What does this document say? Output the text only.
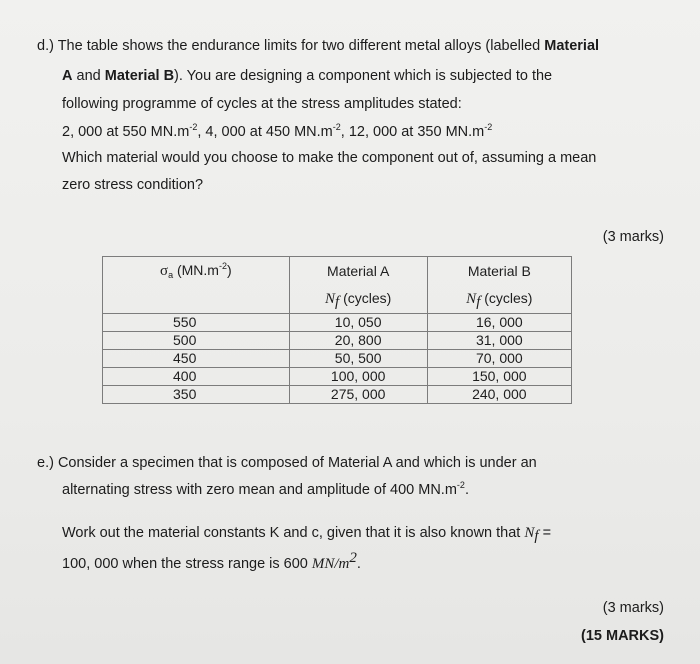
d.) The table shows the endurance limits for two different metal alloys (labelled Material
A and Material B). You are designing a component which is subjected to the
following programme of cycles at the stress amplitudes stated:
2, 000 at 550 $MN.m^{-2}$, 4, 000 at 450 $MN.m^{-2}$, 12, 000 at 350 $MN.m^{-2}$
Which material would you choose to make the component out of, assuming a mean
zero stress condition?
(3 marks)
$\sigma_a$ $(MN.m^{-2})$	Material A	Material B
	$N_f$ (cycles)	$N_f$ (cycles)
550	10, 050	16, 000
500	20, 800	31, 000
450	50, 500	70, 000
400	100, 000	150, 000
350	275, 000	240, 000
e.) Consider a specimen that is composed of Material A and which is under an
alternating stress with zero mean and amplitude of 400 $MN.m^{-2}$.
Work out the material constants K and c, given that it is also known that $N_f$ =
100, 000 when the stress range is 600 $MN/m^2$.
(3 marks)
(15 MARKS)
